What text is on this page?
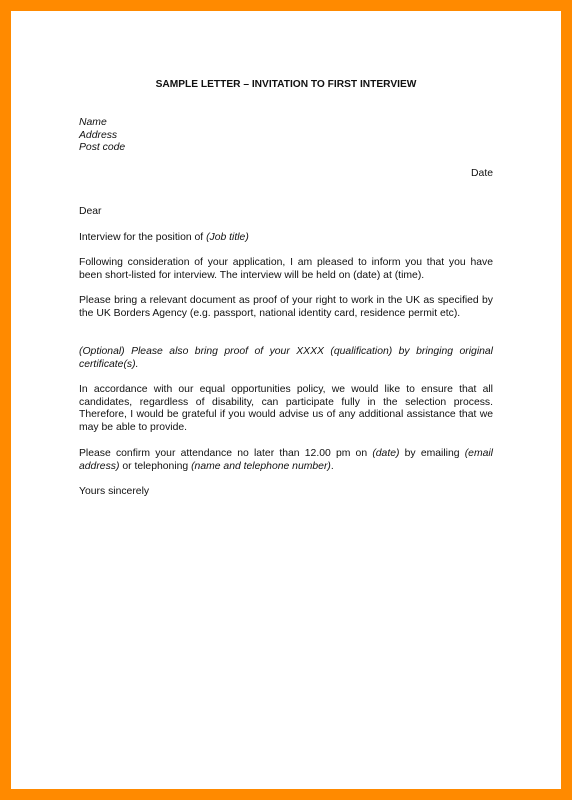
SAMPLE LETTER – INVITATION TO FIRST INTERVIEW
Name
Address
Post code
Date
Dear
Interview for the position of (Job title)
Following consideration of your application, I am pleased to inform you that you have been short-listed for interview. The interview will be held on (date) at (time).
Please bring a relevant document as proof of your right to work in the UK as specified by the UK Borders Agency (e.g. passport, national identity card, residence permit etc).
(Optional) Please also bring proof of your XXXX (qualification) by bringing original certificate(s).
In accordance with our equal opportunities policy, we would like to ensure that all candidates, regardless of disability, can participate fully in the selection process. Therefore, I would be grateful if you would advise us of any additional assistance that we may be able to provide.
Please confirm your attendance no later than 12.00 pm on (date) by emailing (email address) or telephoning (name and telephone number).
Yours sincerely
